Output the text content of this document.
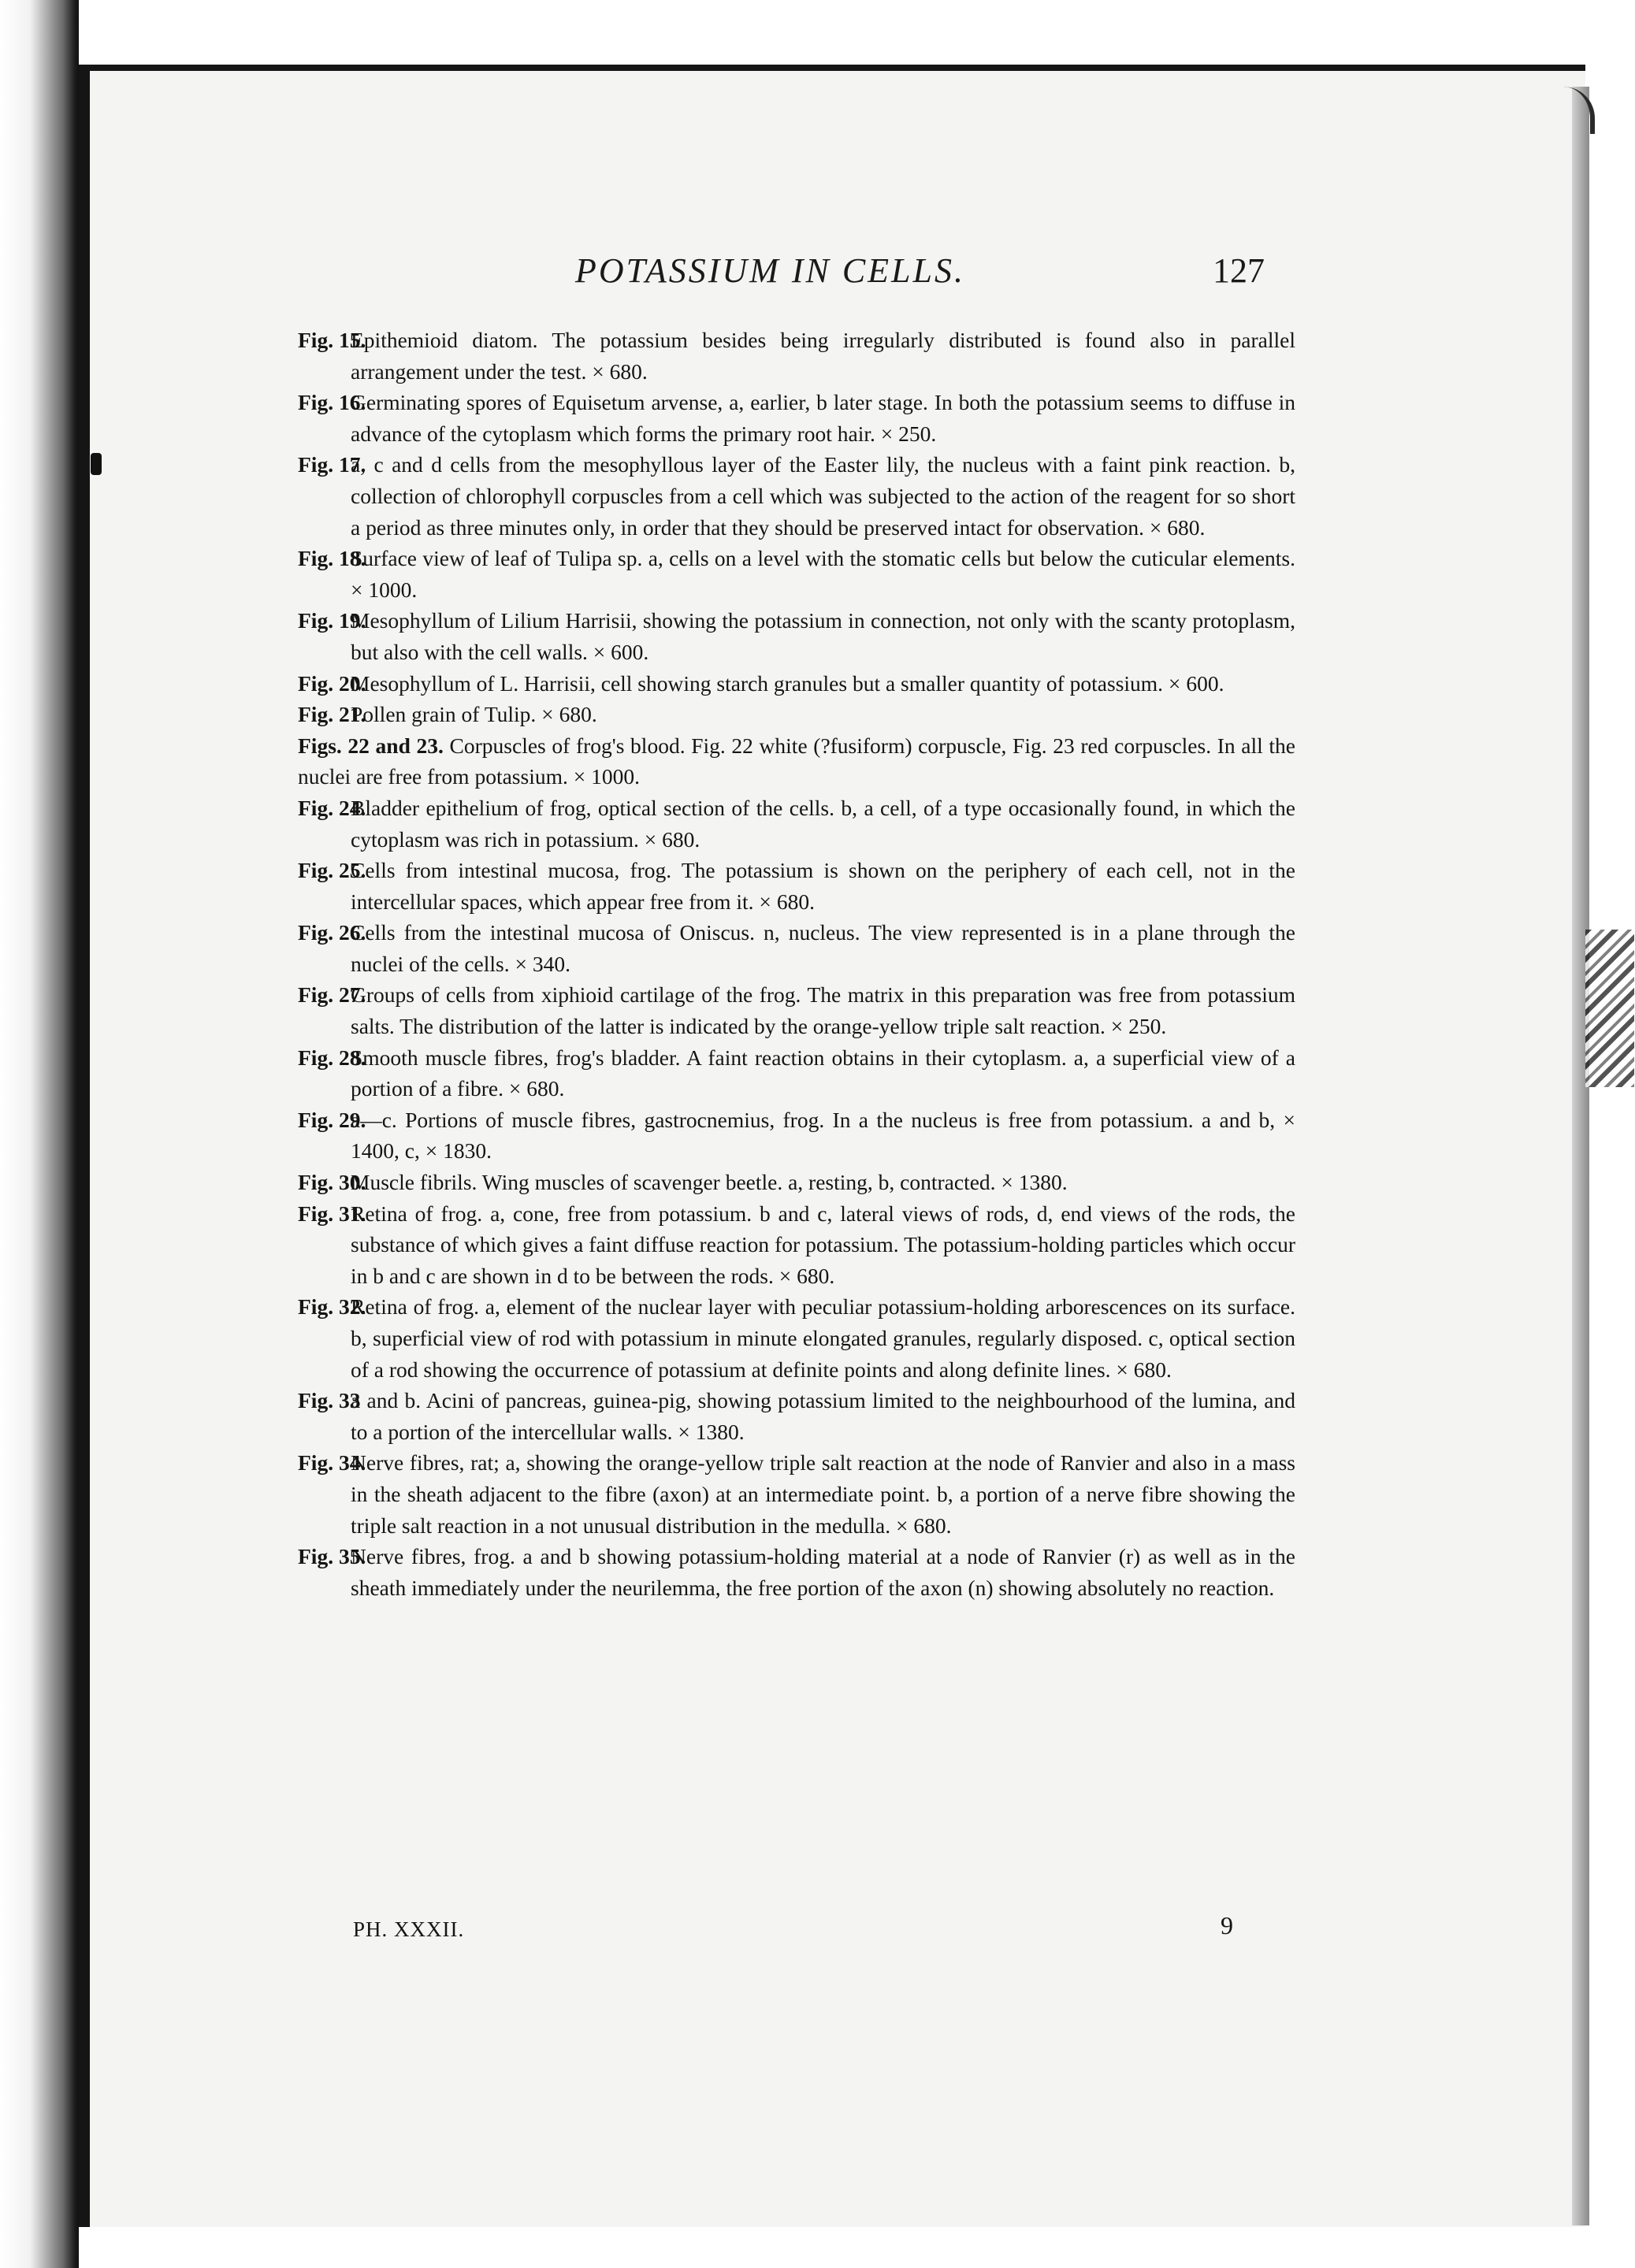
POTASSIUM IN CELLS.	127
Fig. 15.
Epithemioid diatom. The potassium besides being irregularly distributed is found also in parallel arrangement under the test. × 680.
Fig. 16.
Germinating spores of Equisetum arvense, a, earlier, b later stage. In both the potassium seems to diffuse in advance of the cytoplasm which forms the primary root hair. × 250.
Fig. 17.
a, c and d cells from the mesophyllous layer of the Easter lily, the nucleus with a faint pink reaction. b, collection of chlorophyll corpuscles from a cell which was subjected to the action of the reagent for so short a period as three minutes only, in order that they should be preserved intact for observation. × 680.
Fig. 18.
Surface view of leaf of Tulipa sp. a, cells on a level with the stomatic cells but below the cuticular elements. × 1000.
Fig. 19.
Mesophyllum of Lilium Harrisii, showing the potassium in connection, not only with the scanty protoplasm, but also with the cell walls. × 600.
Fig. 20.
Mesophyllum of L. Harrisii, cell showing starch granules but a smaller quantity of potassium. × 600.
Fig. 21.
Pollen grain of Tulip. × 680.
Figs. 22 and 23. Corpuscles of frog's blood. Fig. 22 white (?fusiform) corpuscle, Fig. 23 red corpuscles. In all the nuclei are free from potassium. × 1000.
Fig. 24.
Bladder epithelium of frog, optical section of the cells. b, a cell, of a type occasionally found, in which the cytoplasm was rich in potassium. × 680.
Fig. 25.
Cells from intestinal mucosa, frog. The potassium is shown on the periphery of each cell, not in the intercellular spaces, which appear free from it. × 680.
Fig. 26.
Cells from the intestinal mucosa of Oniscus. n, nucleus. The view represented is in a plane through the nuclei of the cells. × 340.
Fig. 27.
Groups of cells from xiphioid cartilage of the frog. The matrix in this preparation was free from potassium salts. The distribution of the latter is indicated by the orange-yellow triple salt reaction. × 250.
Fig. 28.
Smooth muscle fibres, frog's bladder. A faint reaction obtains in their cytoplasm. a, a superficial view of a portion of a fibre. × 680.
Fig. 29.
a—c. Portions of muscle fibres, gastrocnemius, frog. In a the nucleus is free from potassium. a and b, × 1400, c, × 1830.
Fig. 30.
Muscle fibrils. Wing muscles of scavenger beetle. a, resting, b, contracted. × 1380.
Fig. 31.
Retina of frog. a, cone, free from potassium. b and c, lateral views of rods, d, end views of the rods, the substance of which gives a faint diffuse reaction for potassium. The potassium-holding particles which occur in b and c are shown in d to be between the rods. × 680.
Fig. 32.
Retina of frog. a, element of the nuclear layer with peculiar potassium-holding arborescences on its surface. b, superficial view of rod with potassium in minute elongated granules, regularly disposed. c, optical section of a rod showing the occurrence of potassium at definite points and along definite lines. × 680.
Fig. 33
a and b. Acini of pancreas, guinea-pig, showing potassium limited to the neighbourhood of the lumina, and to a portion of the intercellular walls. × 1380.
Fig. 34.
Nerve fibres, rat; a, showing the orange-yellow triple salt reaction at the node of Ranvier and also in a mass in the sheath adjacent to the fibre (axon) at an intermediate point. b, a portion of a nerve fibre showing the triple salt reaction in a not unusual distribution in the medulla. × 680.
Fig. 35.
Nerve fibres, frog. a and b showing potassium-holding material at a node of Ranvier (r) as well as in the sheath immediately under the neurilemma, the free portion of the axon (n) showing absolutely no reaction.
PH. XXXII.	9
